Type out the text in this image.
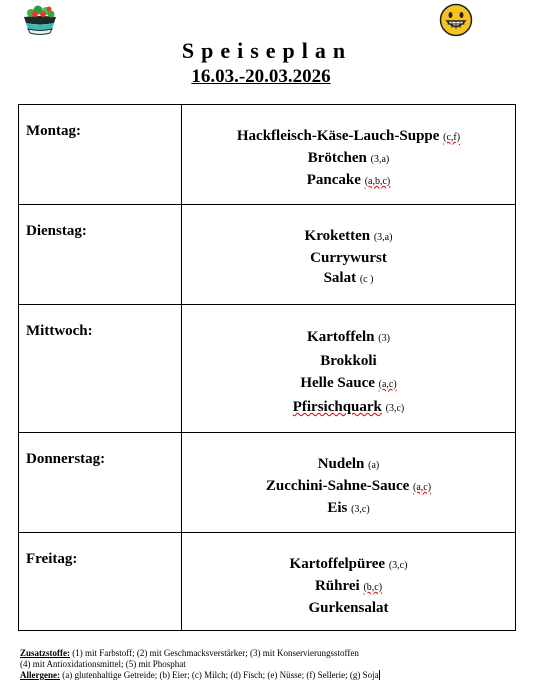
Speiseplan
16.03.-20.03.2026
Montag:	Hackfleisch-Käse-Lauch-Suppe (c,f)
Brötchen (3,a)
Pancake (a,b,c)

Dienstag:	Kroketten (3,a)
Currywurst
Salat (c )

Mittwoch:	Kartoffeln (3)
Brokkoli
Helle Sauce (a,c)
Pfirsichquark (3,c)

Donnerstag:	Nudeln (a)
Zucchini-Sahne-Sauce (a,c)
Eis (3,c)

Freitag:	Kartoffelpüree (3,c)
Rührei (b,c)
Gurkensalat
Zusatzstoffe: (1) mit Farbstoff; (2) mit Geschmacksverstärker; (3) mit Konservierungsstoffen
(4) mit Antioxidationsmittel; (5) mit Phosphat
Allergene: (a) glutenhaltige Getreide; (b) Eier; (c) Milch; (d) Fisch; (e) Nüsse; (f) Sellerie; (g) Soja
